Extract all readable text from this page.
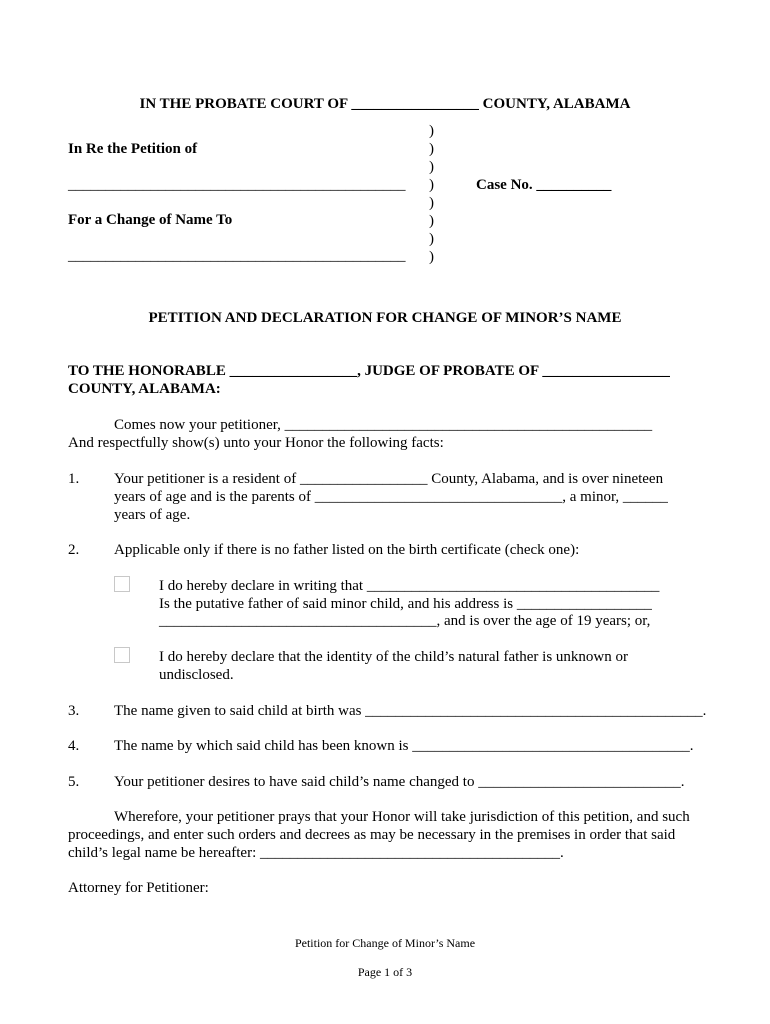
IN THE PROBATE COURT OF _________________ COUNTY, ALABAMA
In Re the Petition of
_____________________________________________
For a Change of Name To
_____________________________________________
)
)
)
)
)
)
)
)
Case No. __________
PETITION AND DECLARATION FOR CHANGE OF MINOR’S NAME
TO THE HONORABLE _________________, JUDGE OF PROBATE OF _________________
COUNTY, ALABAMA:
Comes now your petitioner, _________________________________________________
And respectfully show(s) unto your Honor the following facts:
1. Your petitioner is a resident of _________________ County, Alabama, and is over nineteen
years of age and is the parents of _________________________________, a minor, ______
years of age.
2. Applicable only if there is no father listed on the birth certificate (check one):
I do hereby declare in writing that _______________________________________
Is the putative father of said minor child, and his address is __________________
_____________________________________, and is over the age of 19 years; or,
I do hereby declare that the identity of the child’s natural father is unknown or
undisclosed.
3. The name given to said child at birth was _____________________________________________.
4. The name by which said child has been known is _____________________________________.
5. Your petitioner desires to have said child’s name changed to ___________________________.
Wherefore, your petitioner prays that your Honor will take jurisdiction of this petition, and such
proceedings, and enter such orders and decrees as may be necessary in the premises in order that said
child’s legal name be hereafter: ________________________________________.
Attorney for Petitioner:
Petition for Change of Minor’s Name
Page 1 of 3
